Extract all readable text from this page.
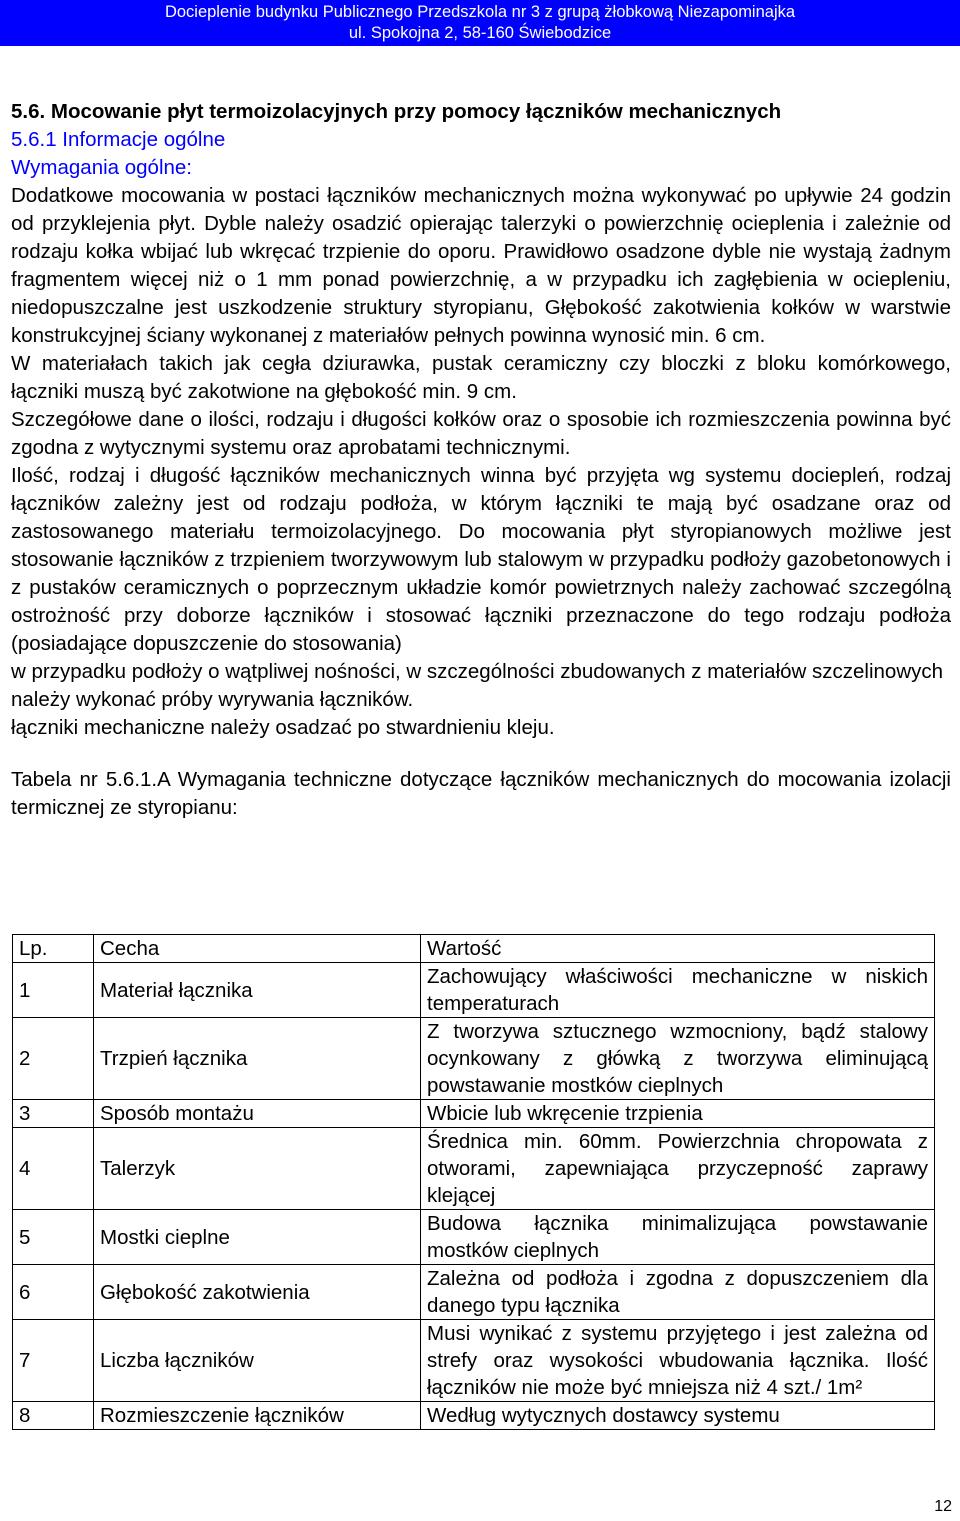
Docieplenie budynku Publicznego Przedszkola nr 3 z grupą żłobkową Niezapominajka
ul. Spokojna 2, 58-160 Świebodzice

5.6. Mocowanie płyt termoizolacyjnych przy pomocy łączników mechanicznych

5.6.1 Informacje ogólne

Wymagania ogólne:

Dodatkowe mocowania w postaci łączników mechanicznych można wykonywać po upływie 24 godzin od przyklejenia płyt. Dyble należy osadzić opierając talerzyki o powierzchnię ocieplenia i zależnie od rodzaju kołka wbijać lub wkręcać trzpienie do oporu. Prawidłowo osadzone dyble nie wystają żadnym fragmentem więcej niż o 1 mm ponad powierzchnię, a w przypadku ich zagłębienia w ociepleniu, niedopuszczalne jest uszkodzenie struktury styropianu, Głębokość zakotwienia kołków w warstwie konstrukcyjnej ściany wykonanej z materiałów pełnych powinna wynosić min. 6 cm.

W materiałach takich jak cegła dziurawka, pustak ceramiczny czy bloczki z bloku komórkowego, łączniki muszą być zakotwione na głębokość min. 9 cm.

Szczegółowe dane o ilości, rodzaju i długości kołków oraz o sposobie ich rozmieszczenia powinna być zgodna z wytycznymi systemu oraz aprobatami technicznymi.

Ilość, rodzaj i długość łączników mechanicznych winna być przyjęta wg systemu dociepleń, rodzaj łączników zależny jest od rodzaju podłoża, w którym łączniki te mają być osadzane oraz od zastosowanego materiału termoizolacyjnego. Do mocowania płyt styropianowych możliwe jest stosowanie łączników z trzpieniem tworzywowym lub stalowym w przypadku podłoży gazobetonowych i z pustaków ceramicznych o poprzecznym układzie komór powietrznych należy zachować szczególną ostrożność przy doborze łączników i stosować łączniki przeznaczone do tego rodzaju podłoża (posiadające dopuszczenie do stosowania)

w przypadku podłoży o wątpliwej nośności, w szczególności zbudowanych z materiałów szczelinowych należy wykonać próby wyrywania łączników.

łączniki mechaniczne należy osadzać po stwardnieniu kleju.

Tabela nr 5.6.1.A Wymagania techniczne dotyczące łączników mechanicznych do mocowania izolacji termicznej ze styropianu:

Lp.	Cecha	Wartość
1	Materiał łącznika	Zachowujący właściwości mechaniczne w niskich temperaturach
2	Trzpień łącznika	Z tworzywa sztucznego wzmocniony, bądź stalowy ocynkowany z główką z tworzywa eliminującą powstawanie mostków cieplnych
3	Sposób montażu	Wbicie lub wkręcenie trzpienia
4	Talerzyk	Średnica min. 60mm. Powierzchnia chropowata z otworami, zapewniająca przyczepność zaprawy klejącej
5	Mostki cieplne	Budowa łącznika minimalizująca powstawanie mostków cieplnych
6	Głębokość zakotwienia	Zależna od podłoża i zgodna z dopuszczeniem dla danego typu łącznika
7	Liczba łączników	Musi wynikać z systemu przyjętego i jest zależna od strefy oraz wysokości wbudowania łącznika. Ilość łączników nie może być mniejsza niż 4 szt./ 1m²
8	Rozmieszczenie łączników	Według wytycznych dostawcy systemu
12
